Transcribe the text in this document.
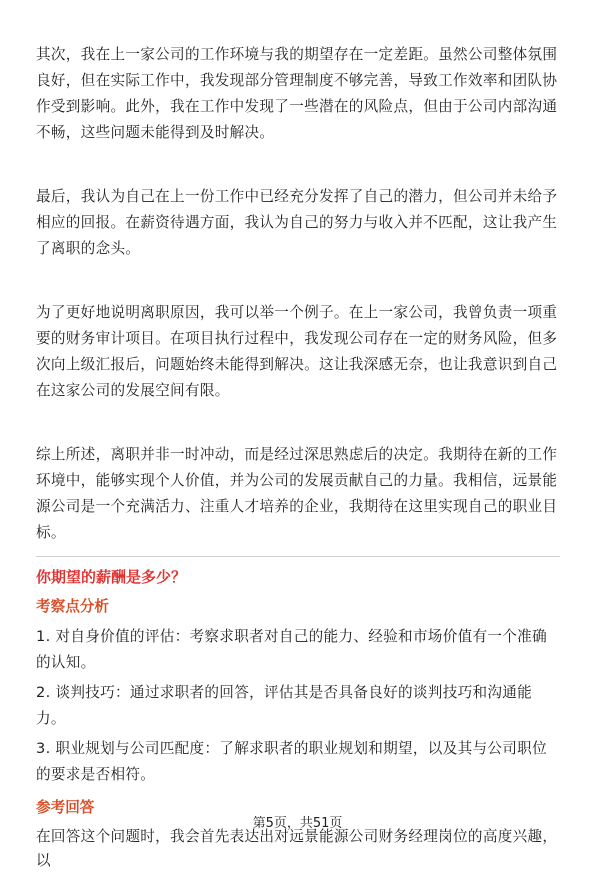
其次，我在上一家公司的工作环境与我的期望存在一定差距。虽然公司整体氛围良好，但在实际工作中，我发现部分管理制度不够完善，导致工作效率和团队协作受到影响。此外，我在工作中发现了一些潜在的风险点，但由于公司内部沟通不畅，这些问题未能得到及时解决。

最后，我认为自己在上一份工作中已经充分发挥了自己的潜力，但公司并未给予相应的回报。在薪资待遇方面，我认为自己的努力与收入并不匹配，这让我产生了离职的念头。

为了更好地说明离职原因，我可以举一个例子。在上一家公司，我曾负责一项重要的财务审计项目。在项目执行过程中，我发现公司存在一定的财务风险，但多次向上级汇报后，问题始终未能得到解决。这让我深感无奈，也让我意识到自己在这家公司的发展空间有限。

综上所述，离职并非一时冲动，而是经过深思熟虑后的决定。我期待在新的工作环境中，能够实现个人价值，并为公司的发展贡献自己的力量。我相信，远景能源公司是一个充满活力、注重人才培养的企业，我期待在这里实现自己的职业目标。

你期望的薪酬是多少？
考察点分析
1. 对自身价值的评估：考察求职者对自己的能力、经验和市场价值有一个准确的认知。
2. 谈判技巧：通过求职者的回答，评估其是否具备良好的谈判技巧和沟通能力。
3. 职业规划与公司匹配度：了解求职者的职业规划和期望，以及其与公司职位的要求是否相符。
参考回答
在回答这个问题时，我会首先表达出对远景能源公司财务经理岗位的高度兴趣，以
第5页，共51页
